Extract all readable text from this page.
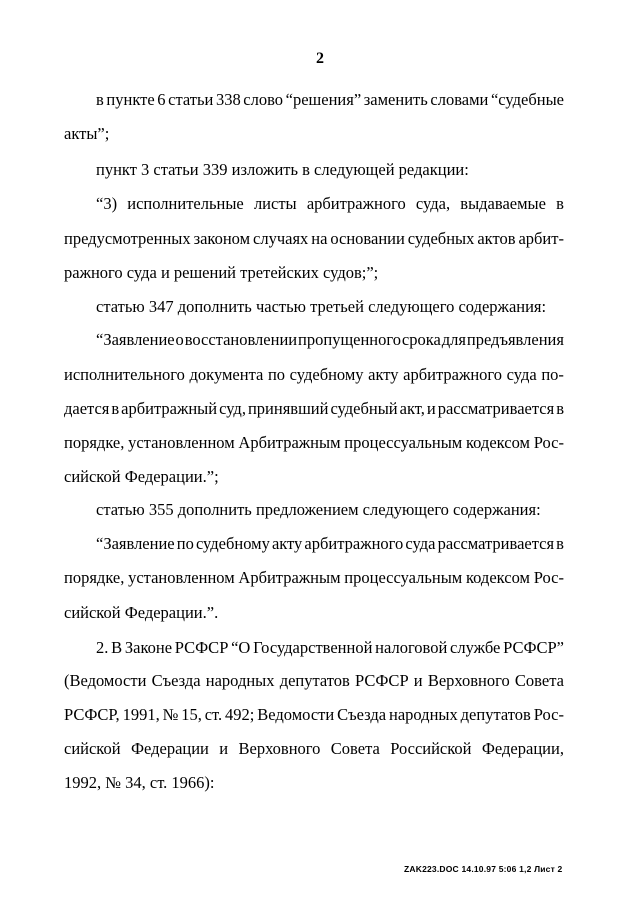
2
в пункте 6 статьи 338 слово “решения” заменить словами “судебные
акты”;
пункт 3 статьи 339 изложить в следующей редакции:
“3) исполнительные листы арбитражного суда, выдаваемые в
предусмотренных законом случаях на основании судебных актов арбит-
ражного суда и решений третейских судов;”;
статью 347 дополнить частью третьей следующего содержания:
“Заявление о восстановлении пропущенного срока для предъявления
исполнительного документа по судебному акту арбитражного суда по-
дается в арбитражный суд, принявший судебный акт, и рассматривается в
порядке, установленном Арбитражным процессуальным кодексом Рос-
сийской Федерации.”;
статью 355 дополнить предложением следующего содержания:
“Заявление по судебному акту арбитражного суда рассматривается в
порядке, установленном Арбитражным процессуальным кодексом Рос-
сийской Федерации.”.
2. В Законе РСФСР “О Государственной налоговой службе РСФСР”
(Ведомости Съезда народных депутатов РСФСР и Верховного Совета
РСФСР, 1991, № 15, ст. 492; Ведомости Съезда народных депутатов Рос-
сийской Федерации и Верховного Совета Российской Федерации,
1992, № 34, ст. 1966):
ZAK223.DOC 14.10.97 5:06 1,2 Лист 2
